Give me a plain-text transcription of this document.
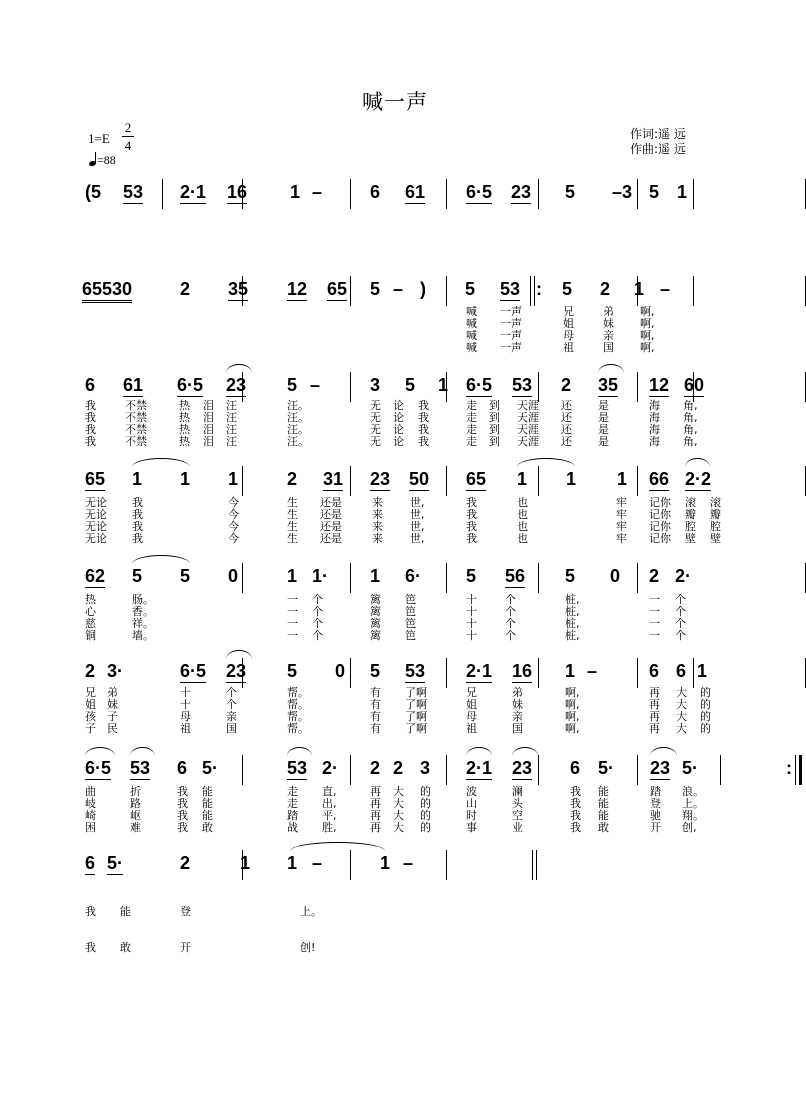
喊一声
1=E
2
4
=88
作词:遥 远
作曲:遥 远
(5 53 2·1 16 1 –	6 61 6·5 23 5 – 3 5 1
65530	2 35 12 65 5 – ) 5 53 5 2 1 –
:
喊 一声	兄	弟 啊,
喊 一声	姐	妹 啊,
喊 一声	母	亲 啊,
喊 一声	祖	国 啊,
6 61 6·5 23 5 –	3 5 1 6·5 53 2 35 12 60
我	不禁	热 泪 汪	汪。	无 论 我	走 到 天涯 还 是	海 角,
我	不禁	热 泪 汪	汪。	无 论 我	走 到 天涯 还 是	海 角,
我	不禁	热 泪 汪	汪。	无 论 我	走 到 天涯 还 是	海 角,
我	不禁	热 泪 汪	汪。	无 论 我	走 到 天涯 还 是	海 角,
65 1 1 1	2 31 23 50 65 1 1 1 66 2·2
无论 我	今	生 还是	来 世,	我	也	牢 记你 滚 滚
无论 我	今	生 还是	来 世,	我	也	牢 记你 瓣 瓣
无论 我	今	生 还是	来 世,	我	也	牢 记你 腔 腔
无论 我	今	生 还是	来 世,	我	也	牢 记你 壁 壁
62 5 5 0	1 1· 1 6· 5 56 5 0 2 2·
热	肠。	一 个	篱 笆	十	个	桩,	一 个
心	香。	一 个	篱 笆	十	个	桩,	一 个
慈	祥。	一 个	篱 笆	十	个	桩,	一 个
铜	墙。	一 个	篱 笆	十	个	桩,	一 个
2 3·	6·5 23 5 0 5 53 2·1 16 1 –	6 6 1
兄 弟	十	个	帮。	有 了啊	兄	弟	啊,	再 大 的
姐 妹	十	个	帮。	有 了啊	姐	妹	啊,	再 大 的
孩 子	母	亲	帮。	有 了啊	母	亲	啊,	再 大 的
子 民	祖	国	帮。	有 了啊	祖	国	啊,	再 大 的
6·5 53 6 5·	53 2· 2 2 3 2·1 23 6 5· 23 5·	:
曲	折	我 能	走 直,	再 大 的	波	澜	我 能	踏 浪。
岐	路	我 能	走 出,	再 大 的	山	头	我 能	登 上。
崎	岖	我 能	踏 平,	再 大 的	时	空	我 能	驰 翔。
困	难	我 敢	战 胜,	再 大 的	事	业	我 敢	开 创,
6 5·	2	1 1 –	1 –
我 能	登	上。
我 敢	开	创!
